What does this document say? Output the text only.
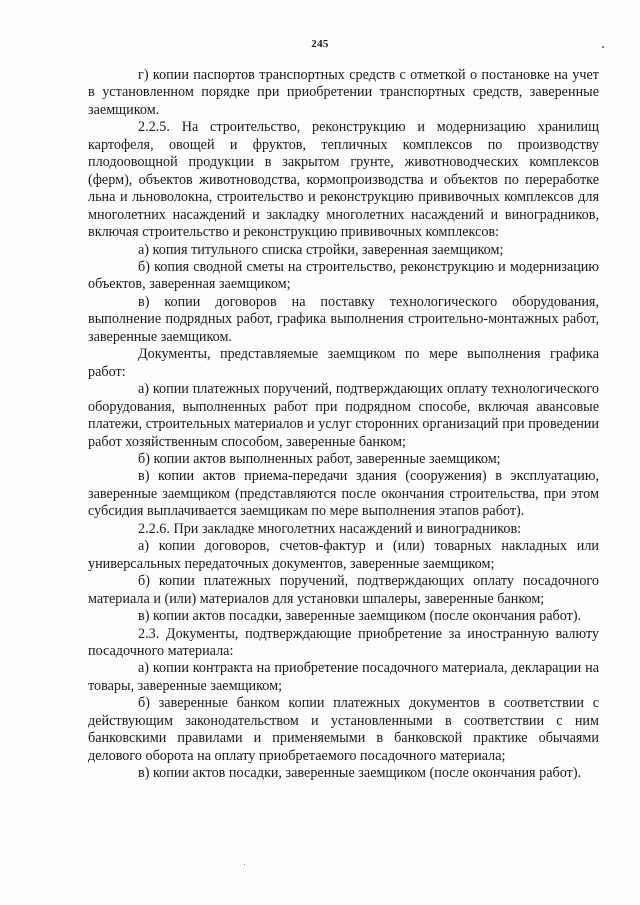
245

г) копии паспортов транспортных средств с отметкой о постановке на учет в установленном порядке при приобретении транспортных средств, заверенные заемщиком.

2.2.5. На строительство, реконструкцию и модернизацию хранилищ картофеля, овощей и фруктов, тепличных комплексов по производству плодоовощной продукции в закрытом грунте, животноводческих комплексов (ферм), объектов животноводства, кормопроизводства и объектов по переработке льна и льноволокна, строительство и реконструкцию прививочных комплексов для многолетних насаждений и закладку многолетних насаждений и виноградников, включая строительство и реконструкцию прививочных комплексов:

а) копия титульного списка стройки, заверенная заемщиком;

б) копия сводной сметы на строительство, реконструкцию и модернизацию объектов, заверенная заемщиком;

в) копии договоров на поставку технологического оборудования, выполнение подрядных работ, графика выполнения строительно-монтажных работ, заверенные заемщиком.

Документы, представляемые заемщиком по мере выполнения графика работ:

а) копии платежных поручений, подтверждающих оплату технологического оборудования, выполненных работ при подрядном способе, включая авансовые платежи, строительных материалов и услуг сторонних организаций при проведении работ хозяйственным способом, заверенные банком;

б) копии актов выполненных работ, заверенные заемщиком;

в) копии актов приема-передачи здания (сооружения) в эксплуатацию, заверенные заемщиком (представляются после окончания строительства, при этом субсидия выплачивается заемщикам по мере выполнения этапов работ).

2.2.6. При закладке многолетних насаждений и виноградников:

а) копии договоров, счетов-фактур и (или) товарных накладных или универсальных передаточных документов, заверенные заемщиком;

б) копии платежных поручений, подтверждающих оплату посадочного материала и (или) материалов для установки шпалеры, заверенные банком;

в) копии актов посадки, заверенные заемщиком (после окончания работ).

2.3. Документы, подтверждающие приобретение за иностранную валюту посадочного материала:

а) копии контракта на приобретение посадочного материала, декларации на товары, заверенные заемщиком;

б) заверенные банком копии платежных документов в соответствии с действующим законодательством и установленными в соответствии с ним банковскими правилами и применяемыми в банковской практике обычаями делового оборота на оплату приобретаемого посадочного материала;

в) копии актов посадки, заверенные заемщиком (после окончания работ).
